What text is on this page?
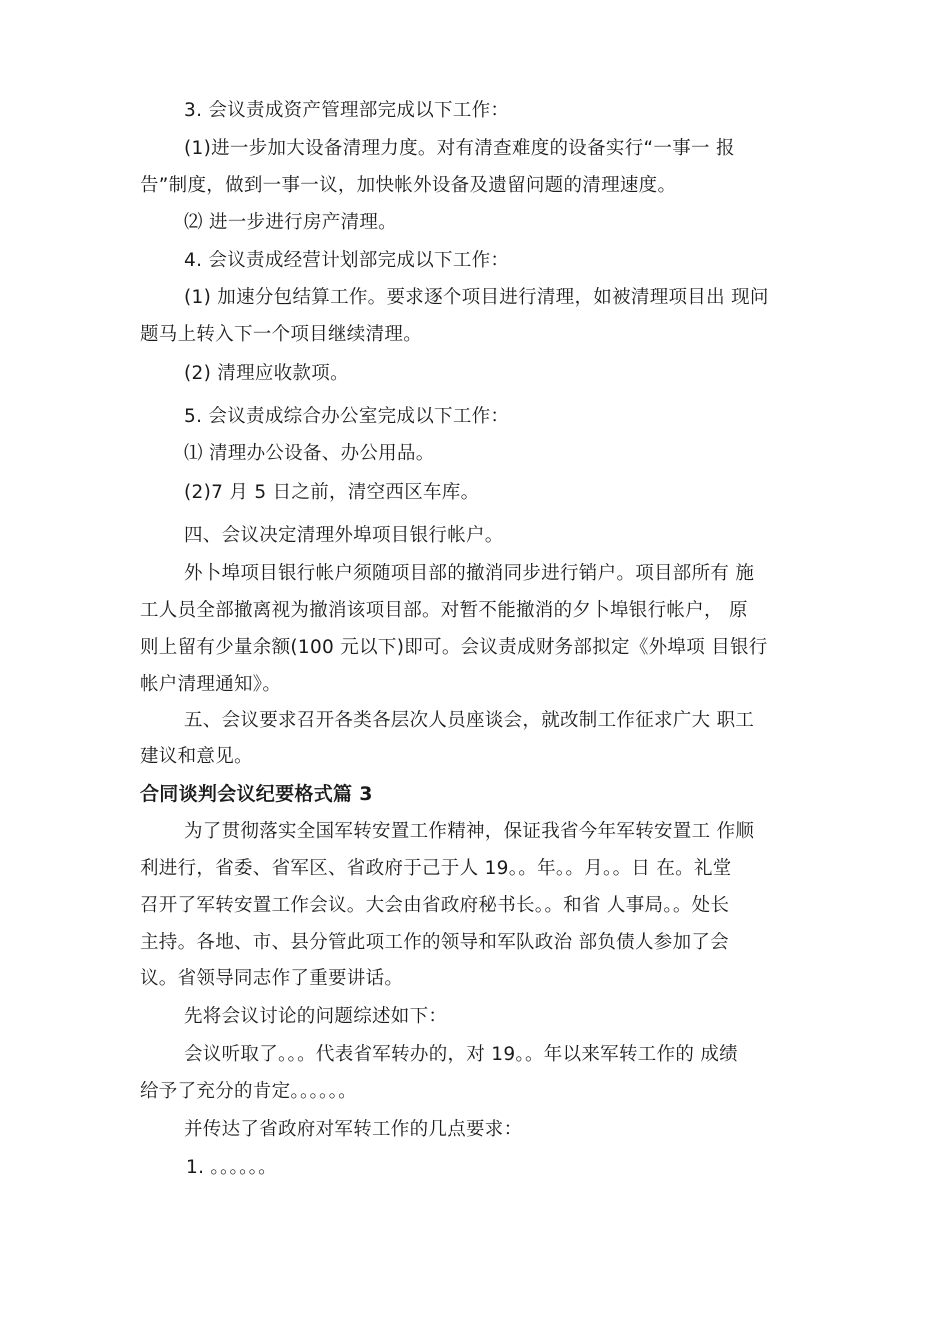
3. 会议责成资产管理部完成以下工作：
(1)进一步加大设备清理力度。对有清查难度的设备实行“一事一 报
告”制度，做到一事一议，加快帐外设备及遗留问题的清理速度。
⑵ 进一步进行房产清理。
4. 会议责成经营计划部完成以下工作：
(1) 加速分包结算工作。要求逐个项目进行清理，如被清理项目出 现问
题马上转入下一个项目继续清理。
(2) 清理应收款项。
5. 会议责成综合办公室完成以下工作：
⑴ 清理办公设备、办公用品。
(2)7 月 5 日之前，清空西区车库。
四、会议决定清理外埠项目银行帐户。
外卜埠项目银行帐户须随项目部的撤消同步进行销户。项目部所有 施
工人员全部撤离视为撤消该项目部。对暂不能撤消的夕卜埠银行帐户， 原
则上留有少量余额(100 元以下)即可。会议责成财务部拟定《外埠项 目银行
帐户清理通知》。
五、会议要求召开各类各层次人员座谈会，就改制工作征求广大 职工
建议和意见。
合同谈判会议纪要格式篇 3
为了贯彻落实全国军转安置工作精神，保证我省今年军转安置工 作顺
利进行，省委、省军区、省政府于己于人 19。。年。。月。。日 在。礼堂
召开了军转安置工作会议。大会由省政府秘书长。。和省 人事局。。处长
主持。各地、市、县分管此项工作的领导和军队政治 部负债人参加了会
议。省领导同志作了重要讲话。
先将会议讨论的问题综述如下：
会议听取了。。。代表省军转办的，对 19。。年以来军转工作的 成绩
给予了充分的肯定。。。。。。
并传达了省政府对军转工作的几点要求：
1. 。。。。。。
